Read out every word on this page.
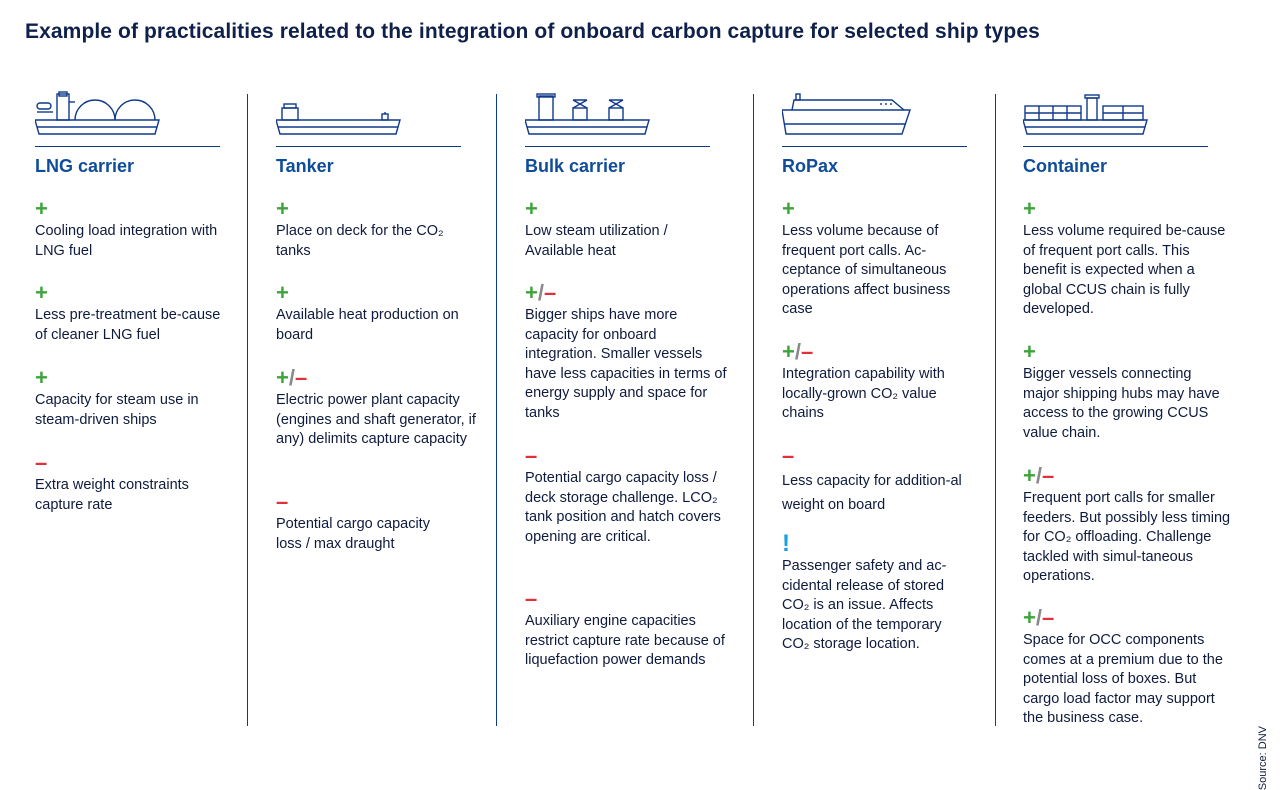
Example of practicalities related to the integration of onboard carbon capture for selected ship types
LNG carrier
+
Cooling load integration with LNG fuel
+
Less pre-treatment be-cause of cleaner LNG fuel
+
Capacity for steam use in steam-driven ships
–
Extra weight constraints capture rate
Tanker
+
Place on deck for the CO₂ tanks
+
Available heat production on board
+/–
Electric power plant capacity (engines and shaft generator, if any) delimits capture capacity
–
Potential cargo capacity loss / max draught
Bulk carrier
+
Low steam utilization / Available heat
+/–
Bigger ships have more capacity for onboard integration. Smaller vessels have less capacities in terms of energy supply and space for tanks
–
Potential cargo capacity loss / deck storage challenge. LCO₂ tank position and hatch covers opening are critical.
–
Auxiliary engine capacities restrict capture rate because of liquefaction power demands
RoPax
+
Less volume because of frequent port calls. Ac-ceptance of simultaneous operations affect business case
+/–
Integration capability with locally-grown CO₂ value chains
–
Less capacity for addition-al weight on board
!
Passenger safety and ac-cidental release of stored CO₂ is an issue. Affects location of the temporary CO₂ storage location.
Container
+
Less volume required be-cause of frequent port calls. This benefit is expected when a global CCUS chain is fully developed.
+
Bigger vessels connecting major shipping hubs may have access to the growing CCUS value chain.
+/–
Frequent port calls for smaller feeders. But possibly less timing for CO₂ offloading. Challenge tackled with simul-taneous operations.
+/–
Space for OCC components comes at a premium due to the potential loss of boxes. But cargo load factor may support the business case.
Source: DNV
